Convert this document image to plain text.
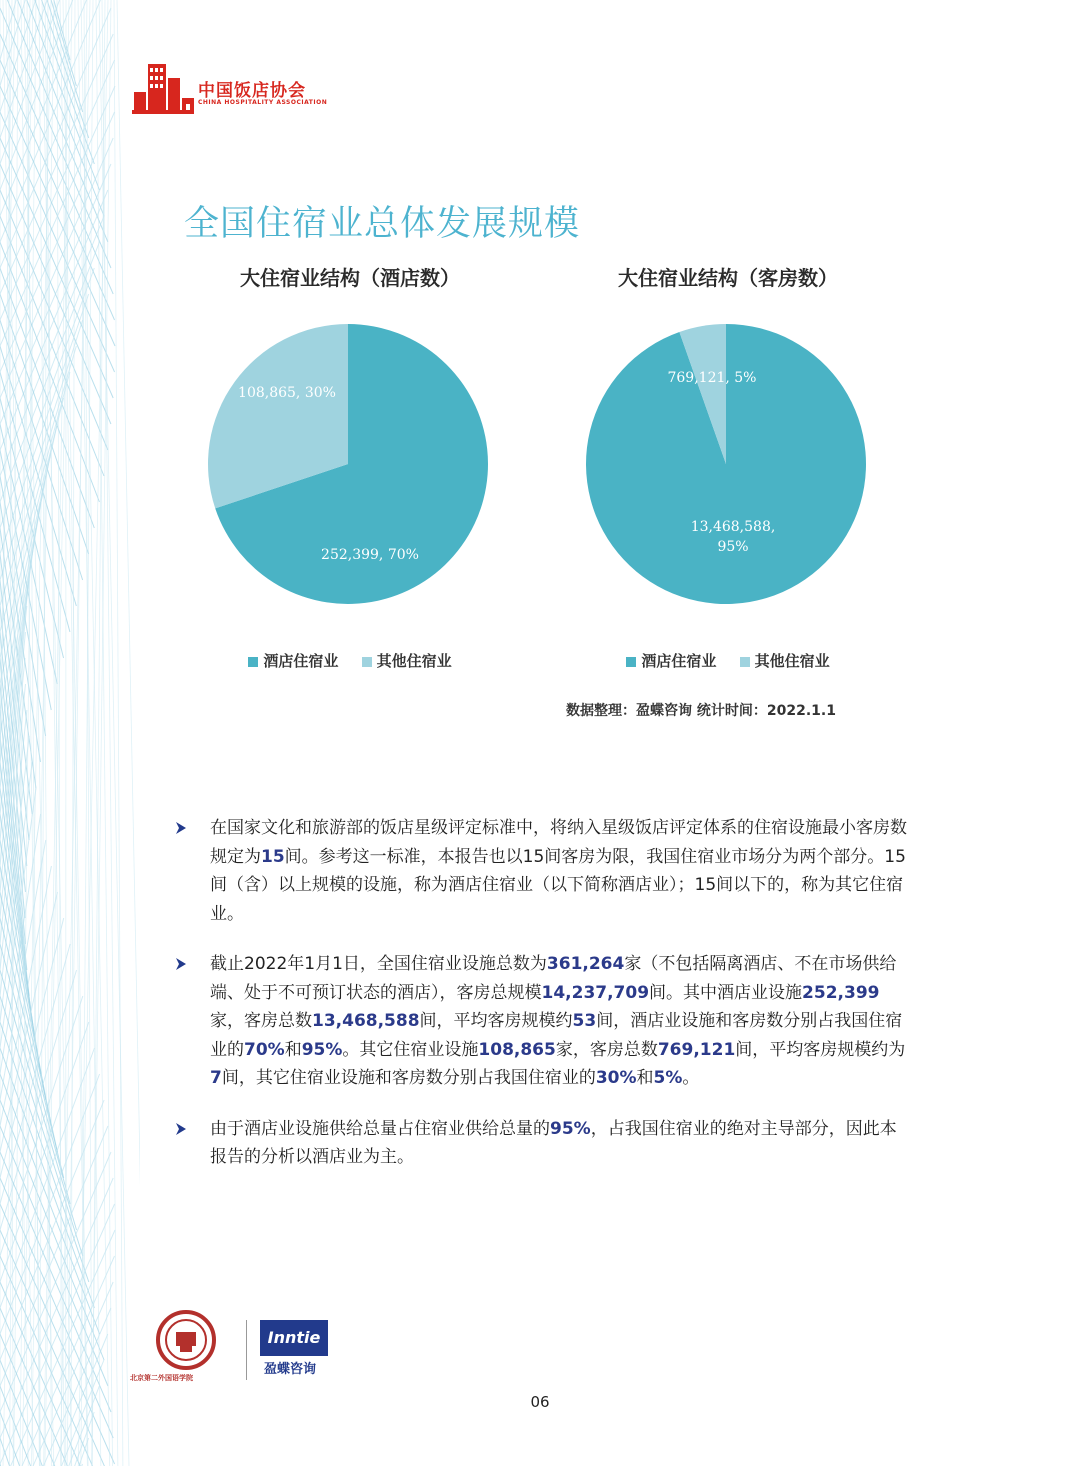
中国饭店协会
CHINA HOSPITALITY ASSOCIATION
全国住宿业总体发展规模
大住宿业结构（酒店数）
252,399, 70%
108,865, 30%
酒店住宿业	其他住宿业
大住宿业结构（客房数）
13,468,588,
95%
769,121, 5%
酒店住宿业	其他住宿业
数据整理：盈蝶咨询 统计时间：2022.1.1
在国家文化和旅游部的饭店星级评定标准中，将纳入星级饭店评定体系的住宿设施最小客房数规定为15间。参考这一标准，本报告也以15间客房为限，我国住宿业市场分为两个部分。15间（含）以上规模的设施，称为酒店住宿业（以下简称酒店业）；15间以下的，称为其它住宿业。
截止2022年1月1日，全国住宿业设施总数为361,264家（不包括隔离酒店、不在市场供给端、处于不可预订状态的酒店），客房总规模14,237,709间。其中酒店业设施252,399家，客房总数13,468,588间，平均客房规模约53间，酒店业设施和客房数分别占我国住宿业的70%和95%。其它住宿业设施108,865家，客房总数769,121间，平均客房规模约为7间，其它住宿业设施和客房数分别占我国住宿业的30%和5%。
由于酒店业设施供给总量占住宿业供给总量的95%，占我国住宿业的绝对主导部分，因此本报告的分析以酒店业为主。
北京第二外国语学院
Inntie
盈蝶咨询
06
